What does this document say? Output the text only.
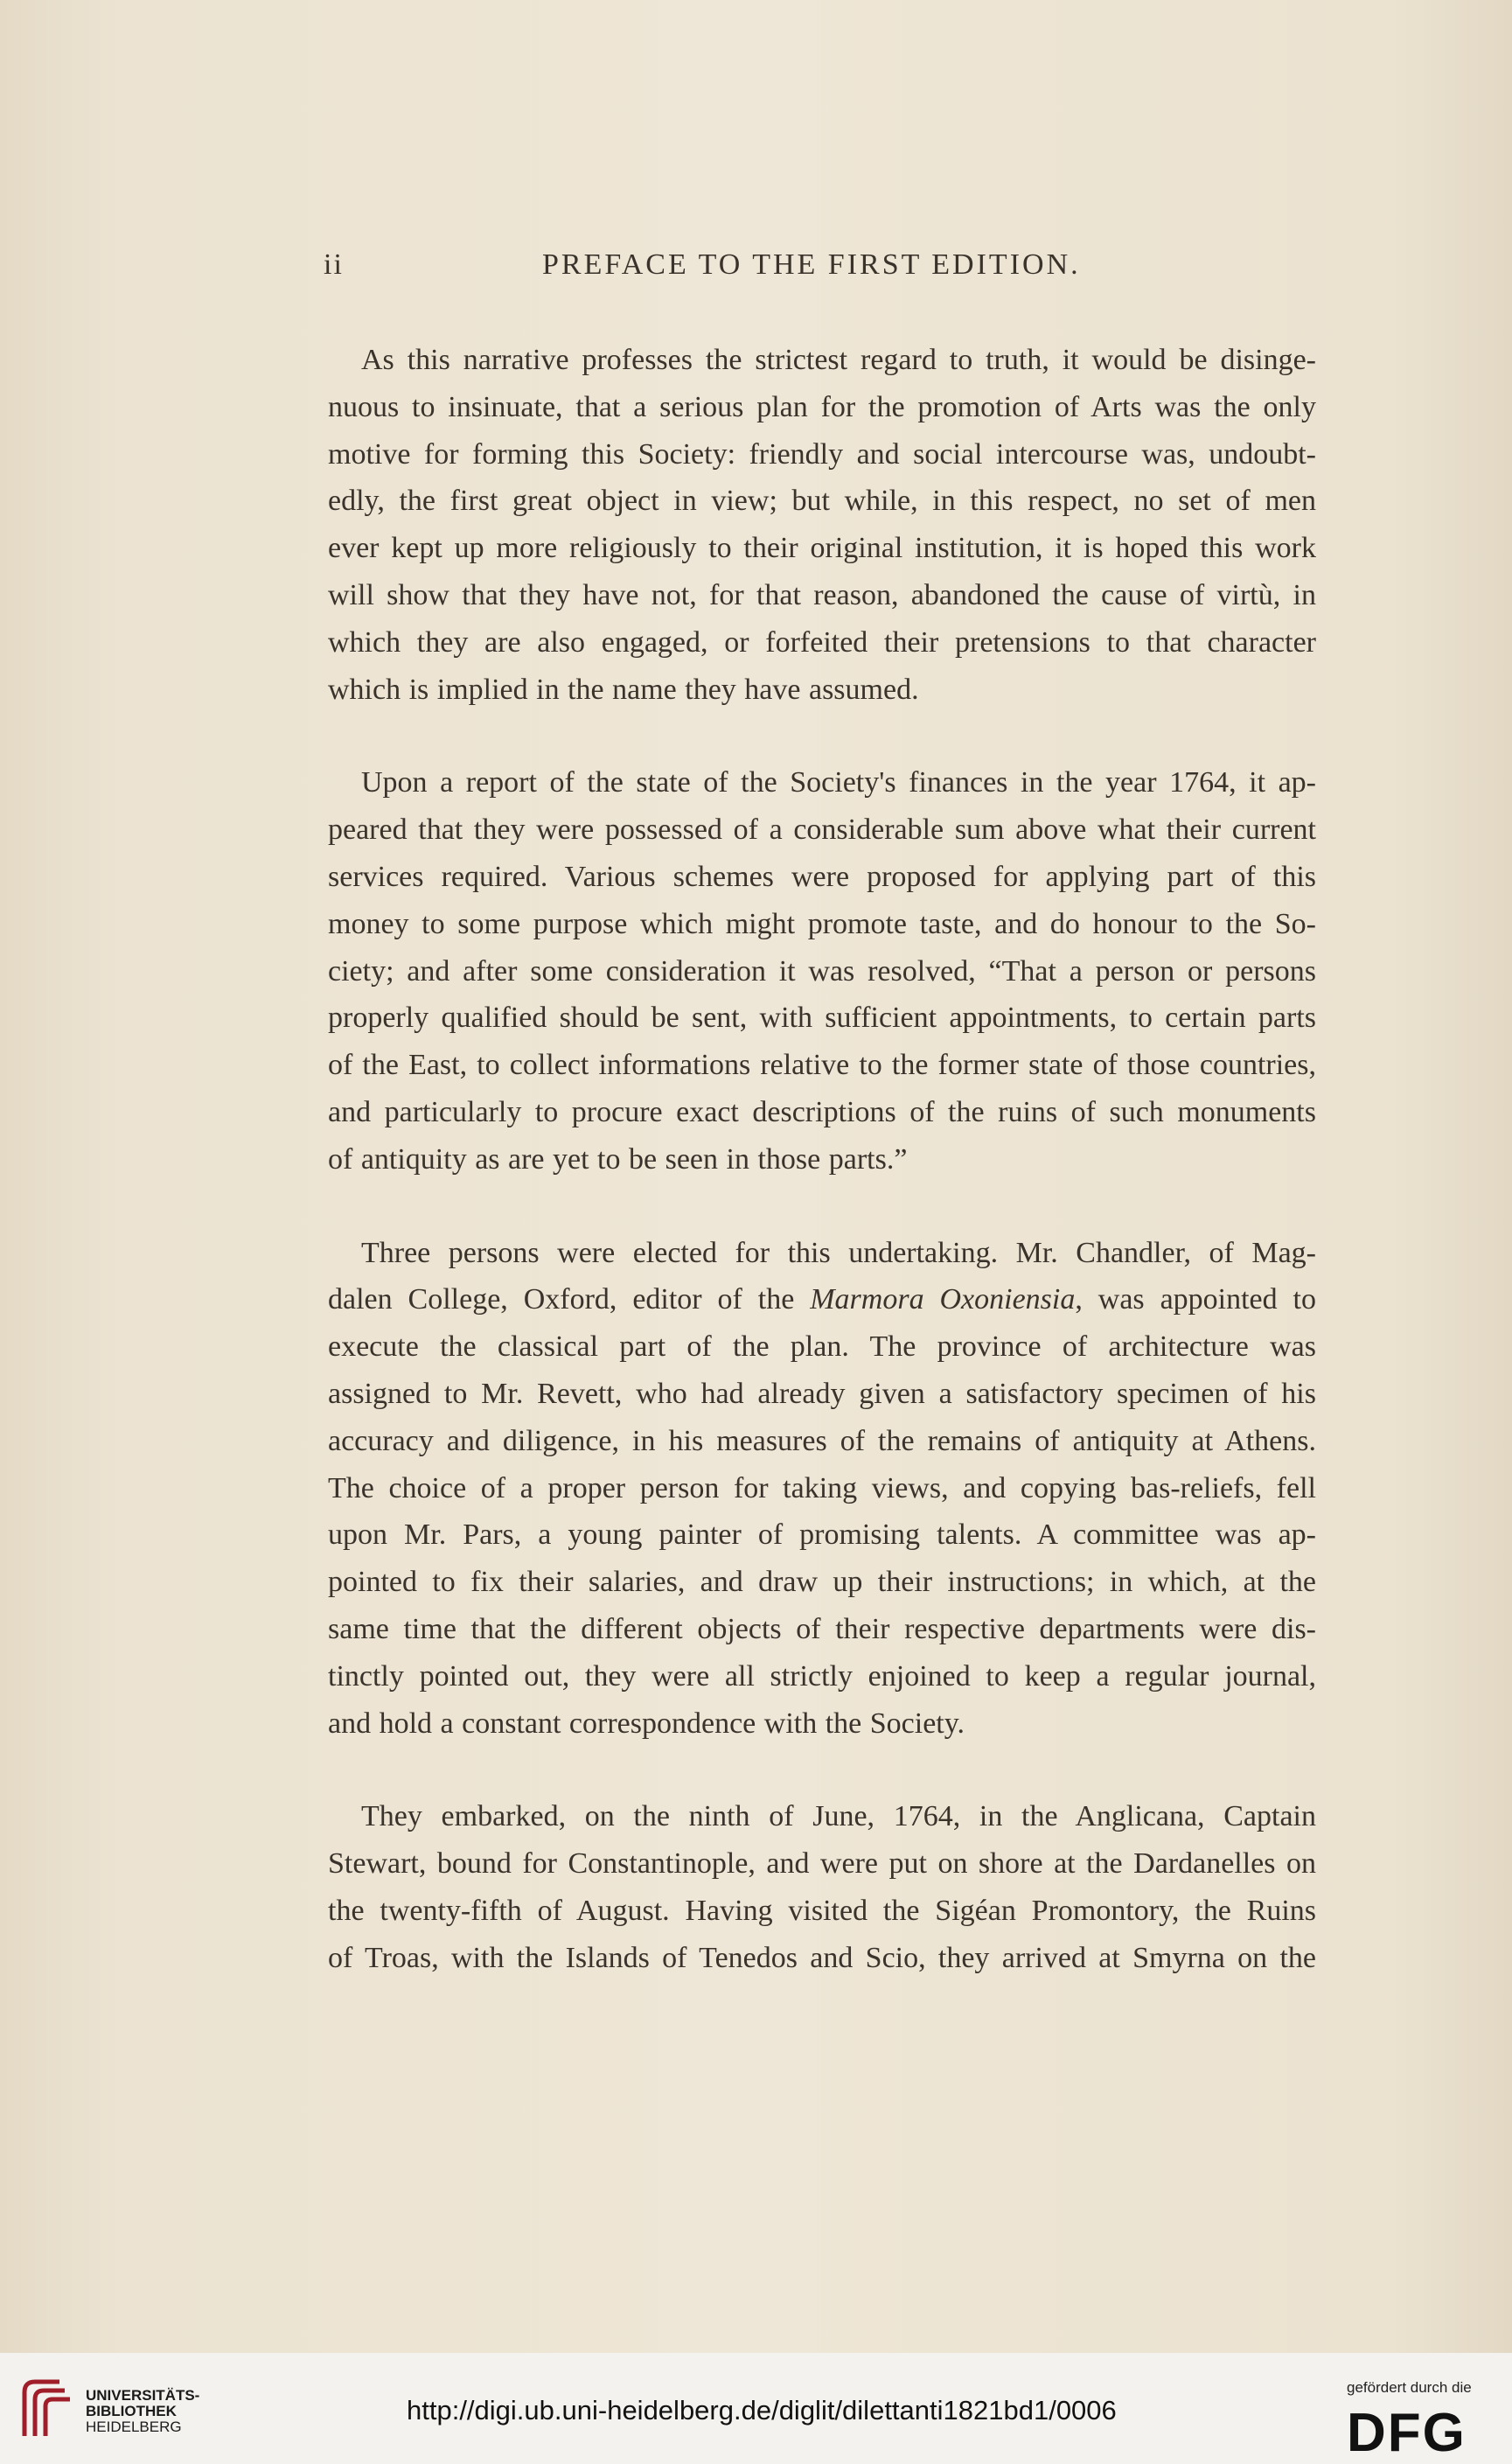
ii	PREFACE TO THE FIRST EDITION.
As this narrative professes the strictest regard to truth, it would be disinge-
nuous to insinuate, that a serious plan for the promotion of Arts was the only
motive for forming this Society: friendly and social intercourse was, undoubt-
edly, the first great object in view; but while, in this respect, no set of men
ever kept up more religiously to their original institution, it is hoped this work
will show that they have not, for that reason, abandoned the cause of virtù, in
which they are also engaged, or forfeited their pretensions to that character
which is implied in the name they have assumed.
Upon a report of the state of the Society's finances in the year 1764, it ap-
peared that they were possessed of a considerable sum above what their current
services required. Various schemes were proposed for applying part of this
money to some purpose which might promote taste, and do honour to the So-
ciety; and after some consideration it was resolved, “That a person or persons
properly qualified should be sent, with sufficient appointments, to certain parts
of the East, to collect informations relative to the former state of those countries,
and particularly to procure exact descriptions of the ruins of such monuments
of antiquity as are yet to be seen in those parts.”
Three persons were elected for this undertaking. Mr. Chandler, of Mag-
dalen College, Oxford, editor of the Marmora Oxoniensia, was appointed to
execute the classical part of the plan. The province of architecture was
assigned to Mr. Revett, who had already given a satisfactory specimen of his
accuracy and diligence, in his measures of the remains of antiquity at Athens.
The choice of a proper person for taking views, and copying bas-reliefs, fell
upon Mr. Pars, a young painter of promising talents. A committee was ap-
pointed to fix their salaries, and draw up their instructions; in which, at the
same time that the different objects of their respective departments were dis-
tinctly pointed out, they were all strictly enjoined to keep a regular journal,
and hold a constant correspondence with the Society.
They embarked, on the ninth of June, 1764, in the Anglicana, Captain
Stewart, bound for Constantinople, and were put on shore at the Dardanelles on
the twenty-fifth of August. Having visited the Sigéan Promontory, the Ruins
of Troas, with the Islands of Tenedos and Scio, they arrived at Smyrna on the
UNIVERSITÄTS-
BIBLIOTHEK
HEIDELBERG
http://digi.ub.uni-heidelberg.de/diglit/dilettanti1821bd1/0006
gefördert durch die
DFG
